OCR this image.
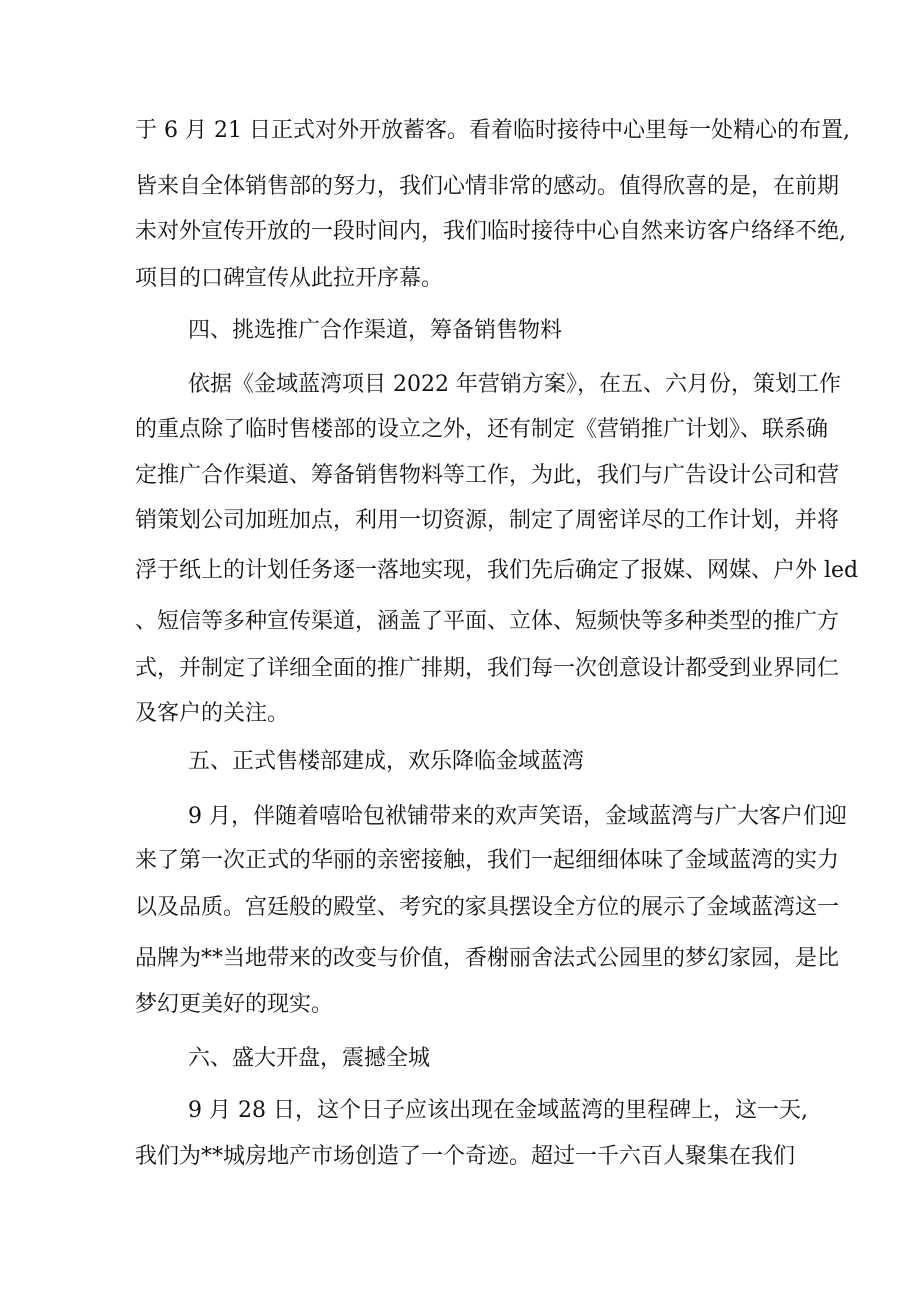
于 6 月 21 日正式对外开放蓄客。看着临时接待中心里每一处精心的布置,
皆来自全体销售部的努力，我们心情非常的感动。值得欣喜的是，在前期
未对外宣传开放的一段时间内，我们临时接待中心自然来访客户络绎不绝,
项目的口碑宣传从此拉开序幕。
四、挑选推广合作渠道，筹备销售物料
依据《金域蓝湾项目 2022 年营销方案》，在五、六月份，策划工作
的重点除了临时售楼部的设立之外，还有制定《营销推广计划》、联系确
定推广合作渠道、筹备销售物料等工作，为此，我们与广告设计公司和营
销策划公司加班加点，利用一切资源，制定了周密详尽的工作计划，并将
浮于纸上的计划任务逐一落地实现，我们先后确定了报媒、网媒、户外 led
、短信等多种宣传渠道，涵盖了平面、立体、短频快等多种类型的推广方
式，并制定了详细全面的推广排期，我们每一次创意设计都受到业界同仁
及客户的关注。
五、正式售楼部建成，欢乐降临金域蓝湾
9 月，伴随着嘻哈包袱铺带来的欢声笑语，金域蓝湾与广大客户们迎
来了第一次正式的华丽的亲密接触，我们一起细细体味了金域蓝湾的实力
以及品质。宫廷般的殿堂、考究的家具摆设全方位的展示了金域蓝湾这一
品牌为**当地带来的改变与价值，香榭丽舍法式公园里的梦幻家园，是比
梦幻更美好的现实。
六、盛大开盘，震撼全城
9 月 28 日，这个日子应该出现在金域蓝湾的里程碑上，这一天,
我们为**城房地产市场创造了一个奇迹。超过一千六百人聚集在我们
